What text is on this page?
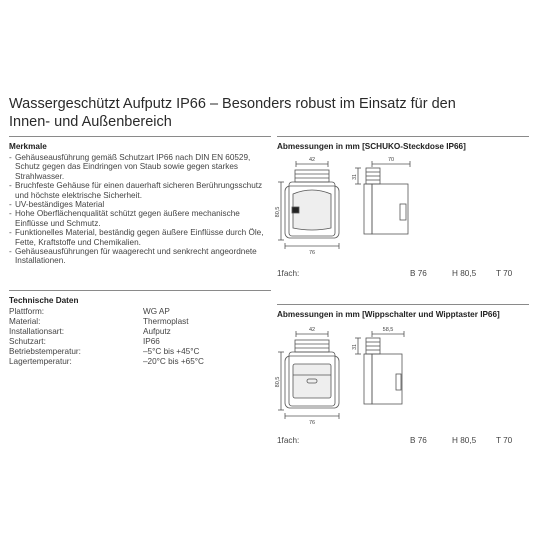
Wassergeschützt Aufputz IP66 – Besonders robust im Einsatz für den Innen- und Außenbereich
Merkmale
- Gehäuseausführung gemäß Schutzart IP66 nach DIN EN 60529, Schutz gegen das Eindringen von Staub sowie gegen starkes Strahlwasser.
- Bruchfeste Gehäuse für einen dauerhaft sicheren Berührungsschutz und höchste elektrische Sicherheit.
- UV-beständiges Material
- Hohe Oberflächenqualität schützt gegen äußere mechanische Einflüsse und Schmutz.
- Funktionelles Material, beständig gegen äußere Einflüsse durch Öle, Fette, Kraftstoffe und Chemikalien.
- Gehäuseausführungen für waagerecht und senkrecht angeordnete Installationen.
Technische Daten
Plattform:	WG AP
Material:	Thermoplast
Installationsart:	Aufputz
Schutzart:	IP66
Betriebstemperatur:	–5°C bis +45°C
Lagertemperatur:	–20°C bis +65°C
Abmessungen in mm [SCHUKO-Steckdose IP66]
42
80,5
76
70
31
1fach:	B 76	H 80,5 T 70
Abmessungen in mm [Wippschalter und Wipptaster IP66]
42
80,5
76
58,5
31
1fach:	B 76	H 80,5 T 70
